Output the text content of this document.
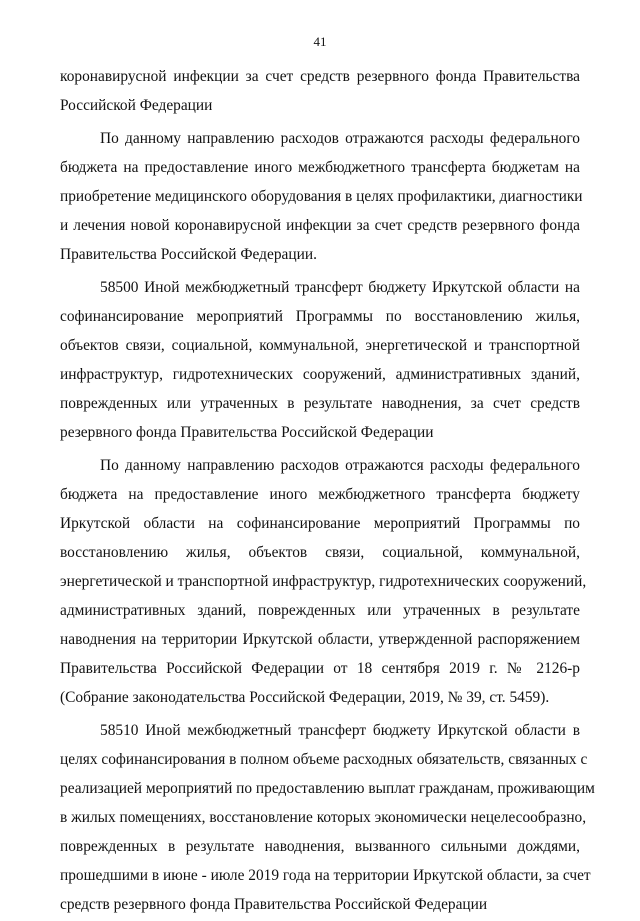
41
коронавирусной инфекции за счет средств резервного фонда Правительства
Российской Федерации
По данному направлению расходов отражаются расходы федерального
бюджета на предоставление иного межбюджетного трансферта бюджетам на
приобретение медицинского оборудования в целях профилактики, диагностики
и лечения новой коронавирусной инфекции за счет средств резервного фонда
Правительства Российской Федерации.
58500 Иной межбюджетный трансферт бюджету Иркутской области на
софинансирование мероприятий Программы по восстановлению жилья,
объектов связи, социальной, коммунальной, энергетической и транспортной
инфраструктур, гидротехнических сооружений, административных зданий,
поврежденных или утраченных в результате наводнения, за счет средств
резервного фонда Правительства Российской Федерации
По данному направлению расходов отражаются расходы федерального
бюджета на предоставление иного межбюджетного трансферта бюджету
Иркутской области на софинансирование мероприятий Программы по
восстановлению жилья, объектов связи, социальной, коммунальной,
энергетической и транспортной инфраструктур, гидротехнических сооружений,
административных зданий, поврежденных или утраченных в результате
наводнения на территории Иркутской области, утвержденной распоряжением
Правительства Российской Федерации от 18 сентября 2019 г. № 2126-р
(Собрание законодательства Российской Федерации, 2019, № 39, ст. 5459).
58510 Иной межбюджетный трансферт бюджету Иркутской области в
целях софинансирования в полном объеме расходных обязательств, связанных с
реализацией мероприятий по предоставлению выплат гражданам, проживающим
в жилых помещениях, восстановление которых экономически нецелесообразно,
поврежденных в результате наводнения, вызванного сильными дождями,
прошедшими в июне - июле 2019 года на территории Иркутской области, за счет
средств резервного фонда Правительства Российской Федерации
